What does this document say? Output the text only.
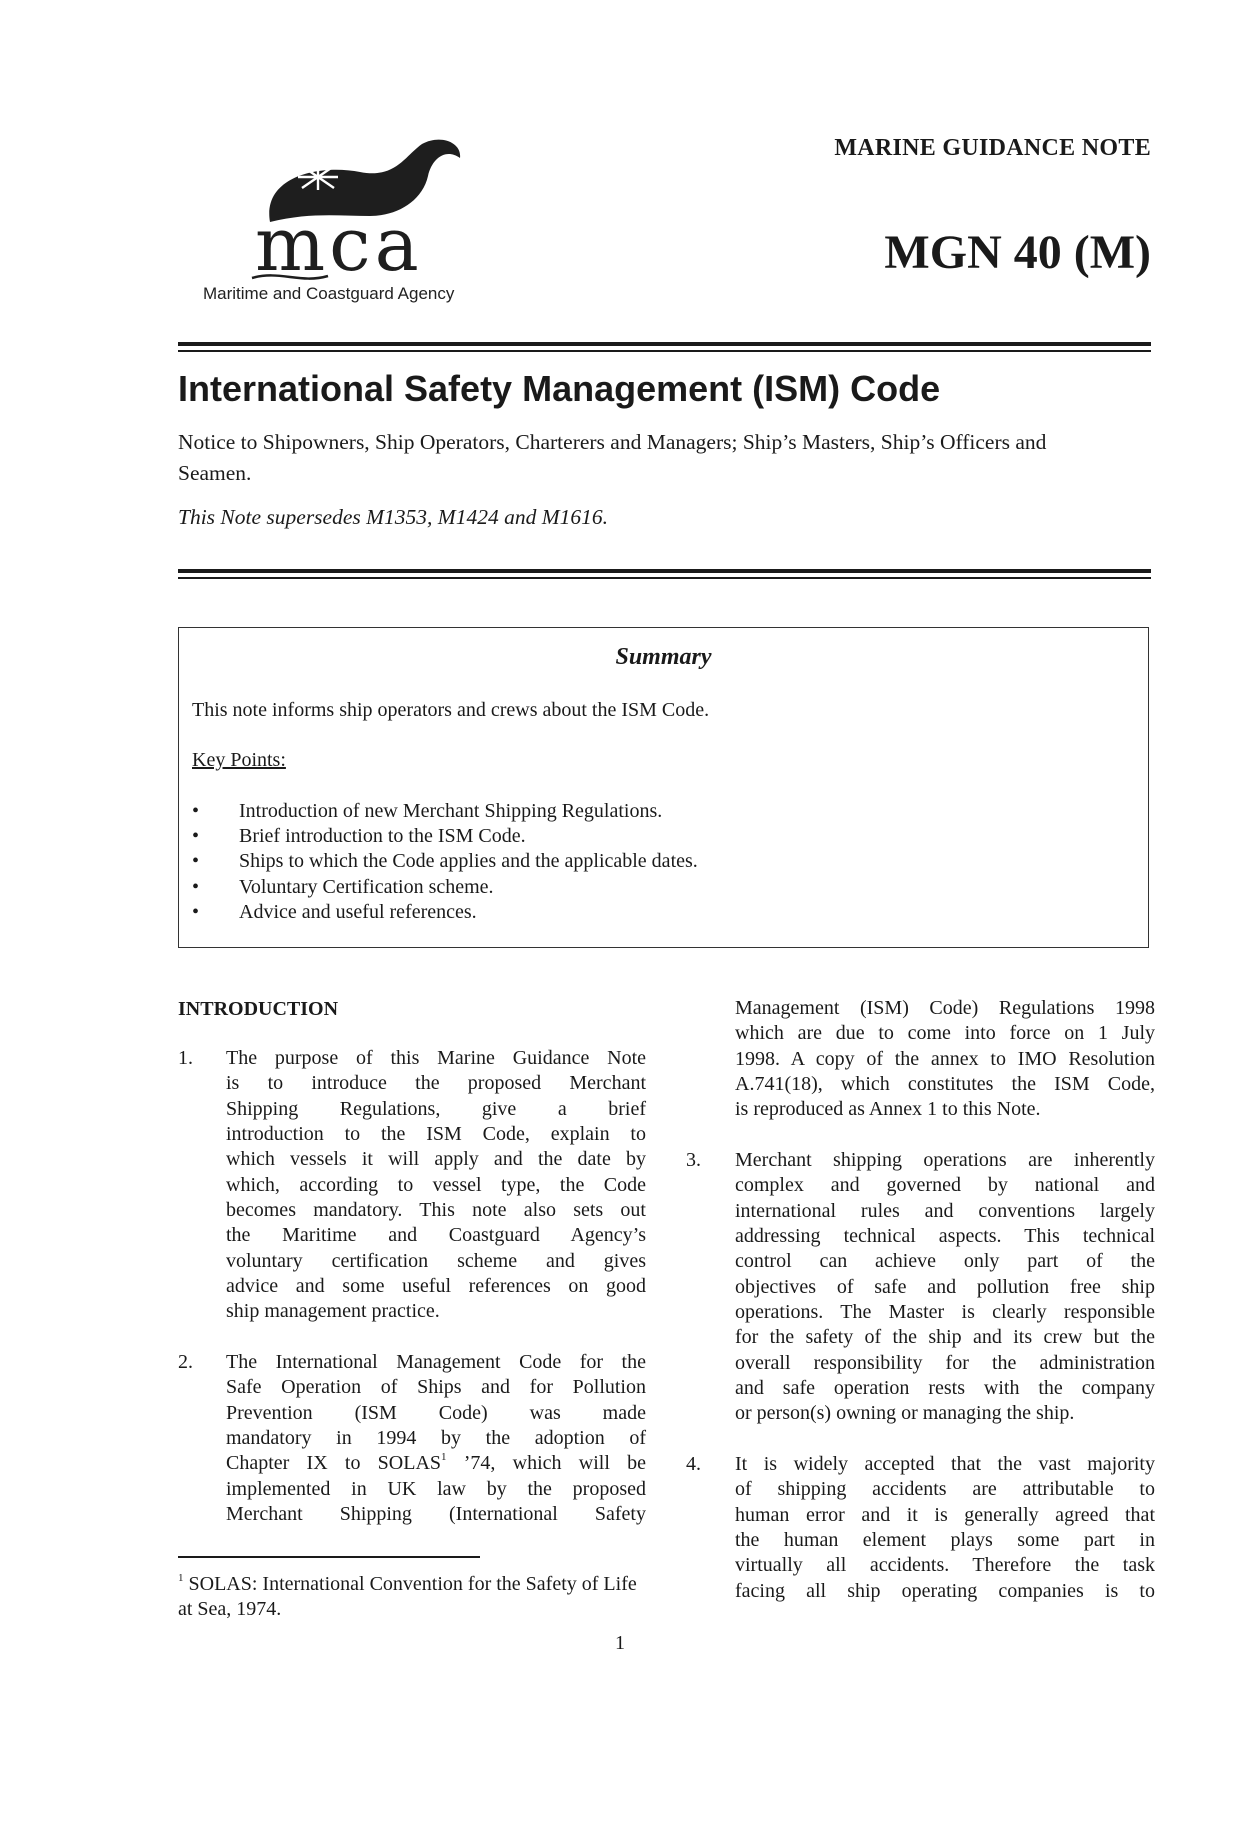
mca
Maritime and Coastguard Agency
MARINE GUIDANCE NOTE
MGN 40 (M)
International Safety Management (ISM) Code
Notice to Shipowners, Ship Operators, Charterers and Managers; Ship’s Masters, Ship’s Officers and Seamen.
This Note supersedes M1353, M1424 and M1616.
Summary
This note informs ship operators and crews about the ISM Code.
Key Points:
•	Introduction of new Merchant Shipping Regulations.
•	Brief introduction to the ISM Code.
•	Ships to which the Code applies and the applicable dates.
•	Voluntary Certification scheme.
•	Advice and useful references.
INTRODUCTION
1. The purpose of this Marine Guidance Note
is to introduce the proposed Merchant
Shipping Regulations, give a brief
introduction to the ISM Code, explain to
which vessels it will apply and the date by
which, according to vessel type, the Code
becomes mandatory. This note also sets out
the Maritime and Coastguard Agency’s
voluntary certification scheme and gives
advice and some useful references on good
ship management practice.
2. The International Management Code for the
Safe Operation of Ships and for Pollution
Prevention (ISM Code) was made
mandatory in 1994 by the adoption of
Chapter IX to SOLAS$^1$ ’74, which will be
implemented in UK law by the proposed
Merchant Shipping (International Safety
$^1$ SOLAS: International Convention for the Safety of Life at Sea, 1974.
Management (ISM) Code) Regulations 1998
which are due to come into force on 1 July
1998. A copy of the annex to IMO Resolution
A.741(18), which constitutes the ISM Code,
is reproduced as Annex 1 to this Note.
3. Merchant shipping operations are inherently
complex and governed by national and
international rules and conventions largely
addressing technical aspects. This technical
control can achieve only part of the
objectives of safe and pollution free ship
operations. The Master is clearly responsible
for the safety of the ship and its crew but the
overall responsibility for the administration
and safe operation rests with the company
or person(s) owning or managing the ship.
4. It is widely accepted that the vast majority
of shipping accidents are attributable to
human error and it is generally agreed that
the human element plays some part in
virtually all accidents. Therefore the task
facing all ship operating companies is to
1
